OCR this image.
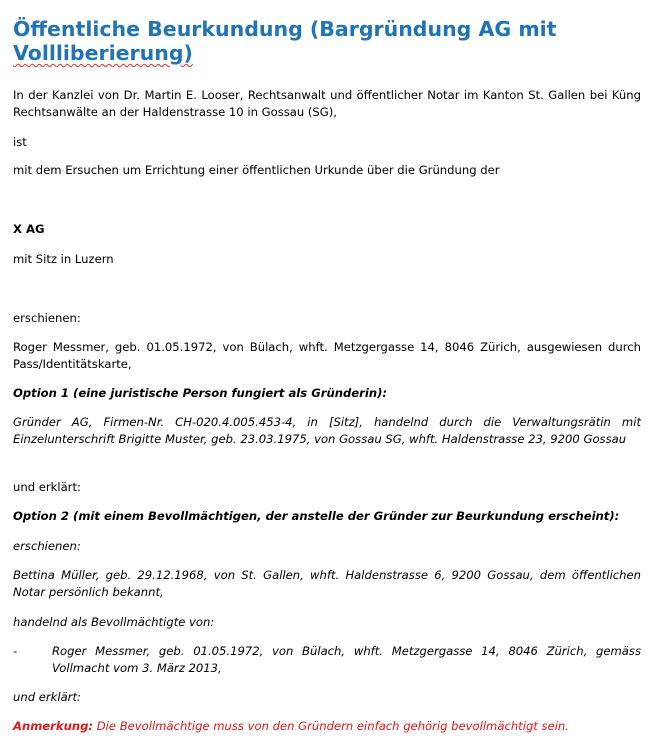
Öffentliche Beurkundung (Bargründung AG mit
Vollliberierung)

In der Kanzlei von Dr. Martin E. Looser, Rechtsanwalt und öffentlicher Notar im Kanton St. Gallen bei Küng Rechtsanwälte an der Haldenstrasse 10 in Gossau (SG),

ist

mit dem Ersuchen um Errichtung einer öffentlichen Urkunde über die Gründung der

X AG

mit Sitz in Luzern

erschienen:

Roger Messmer, geb. 01.05.1972, von Bülach, whft. Metzgergasse 14, 8046 Zürich, ausgewiesen durch Pass/Identitätskarte,

Option 1 (eine juristische Person fungiert als Gründerin):

Gründer AG, Firmen-Nr. CH-020.4.005.453-4, in [Sitz], handelnd durch die Verwaltungsrätin mit Einzelunterschrift Brigitte Muster, geb. 23.03.1975, von Gossau SG, whft. Haldenstrasse 23, 9200 Gossau

und erklärt:

Option 2 (mit einem Bevollmächtigen, der anstelle der Gründer zur Beurkundung erscheint):

erschienen:

Bettina Müller, geb. 29.12.1968, von St. Gallen, whft. Haldenstrasse 6, 9200 Gossau, dem öffentlichen Notar persönlich bekannt,

handelnd als Bevollmächtigte von:

-	Roger Messmer, geb. 01.05.1972, von Bülach, whft. Metzgergasse 14, 8046 Zürich, gemäss Vollmacht vom 3. März 2013,

und erklärt:

Anmerkung: Die Bevollmächtige muss von den Gründern einfach gehörig bevollmächtigt sein.
